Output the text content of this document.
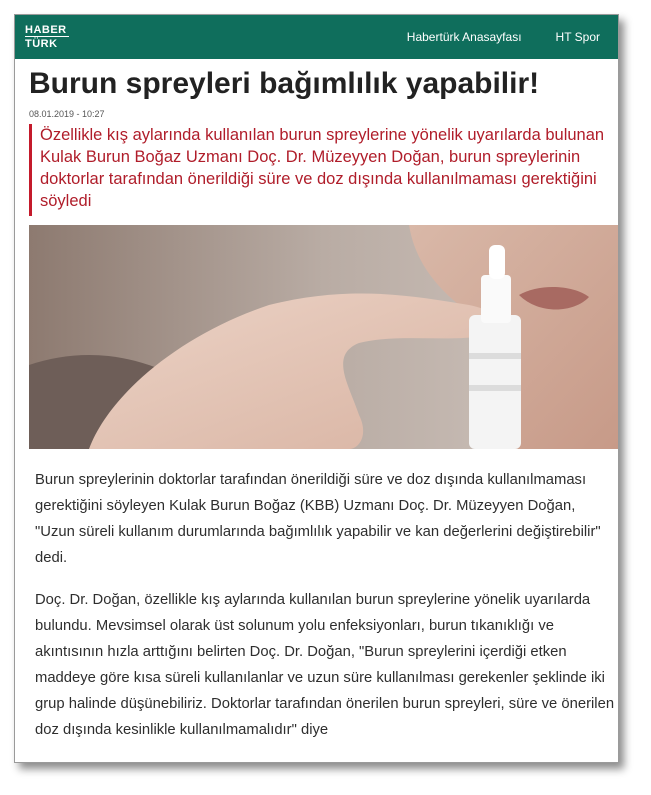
HABER
TÜRK	Habertürk Anasayfası	HT Spor
Burun spreyleri bağımlılık yapabilir!
08.01.2019 - 10:27
Özellikle kış aylarında kullanılan burun spreylerine yönelik uyarılarda bulunan Kulak Burun Boğaz Uzmanı Doç. Dr. Müzeyyen Doğan, burun spreylerinin doktorlar tarafından önerildiği süre ve doz dışında kullanılmaması gerektiğini söyledi

Burun spreylerinin doktorlar tarafından önerildiği süre ve doz dışında kullanılmaması gerektiğini söyleyen Kulak Burun Boğaz (KBB) Uzmanı Doç. Dr. Müzeyyen Doğan, "Uzun süreli kullanım durumlarında bağımlılık yapabilir ve kan değerlerini değiştirebilir" dedi.

Doç. Dr. Doğan, özellikle kış aylarında kullanılan burun spreylerine yönelik uyarılarda bulundu. Mevsimsel olarak üst solunum yolu enfeksiyonları, burun tıkanıklığı ve akıntısının hızla arttığını belirten Doç. Dr. Doğan, "Burun spreylerini içerdiği etken maddeye göre kısa süreli kullanılanlar ve uzun süre kullanılması gerekenler şeklinde iki grup halinde düşünebiliriz. Doktorlar tarafından önerilen burun spreyleri, süre ve önerilen doz dışında kesinlikle kullanılmamalıdır" diye
